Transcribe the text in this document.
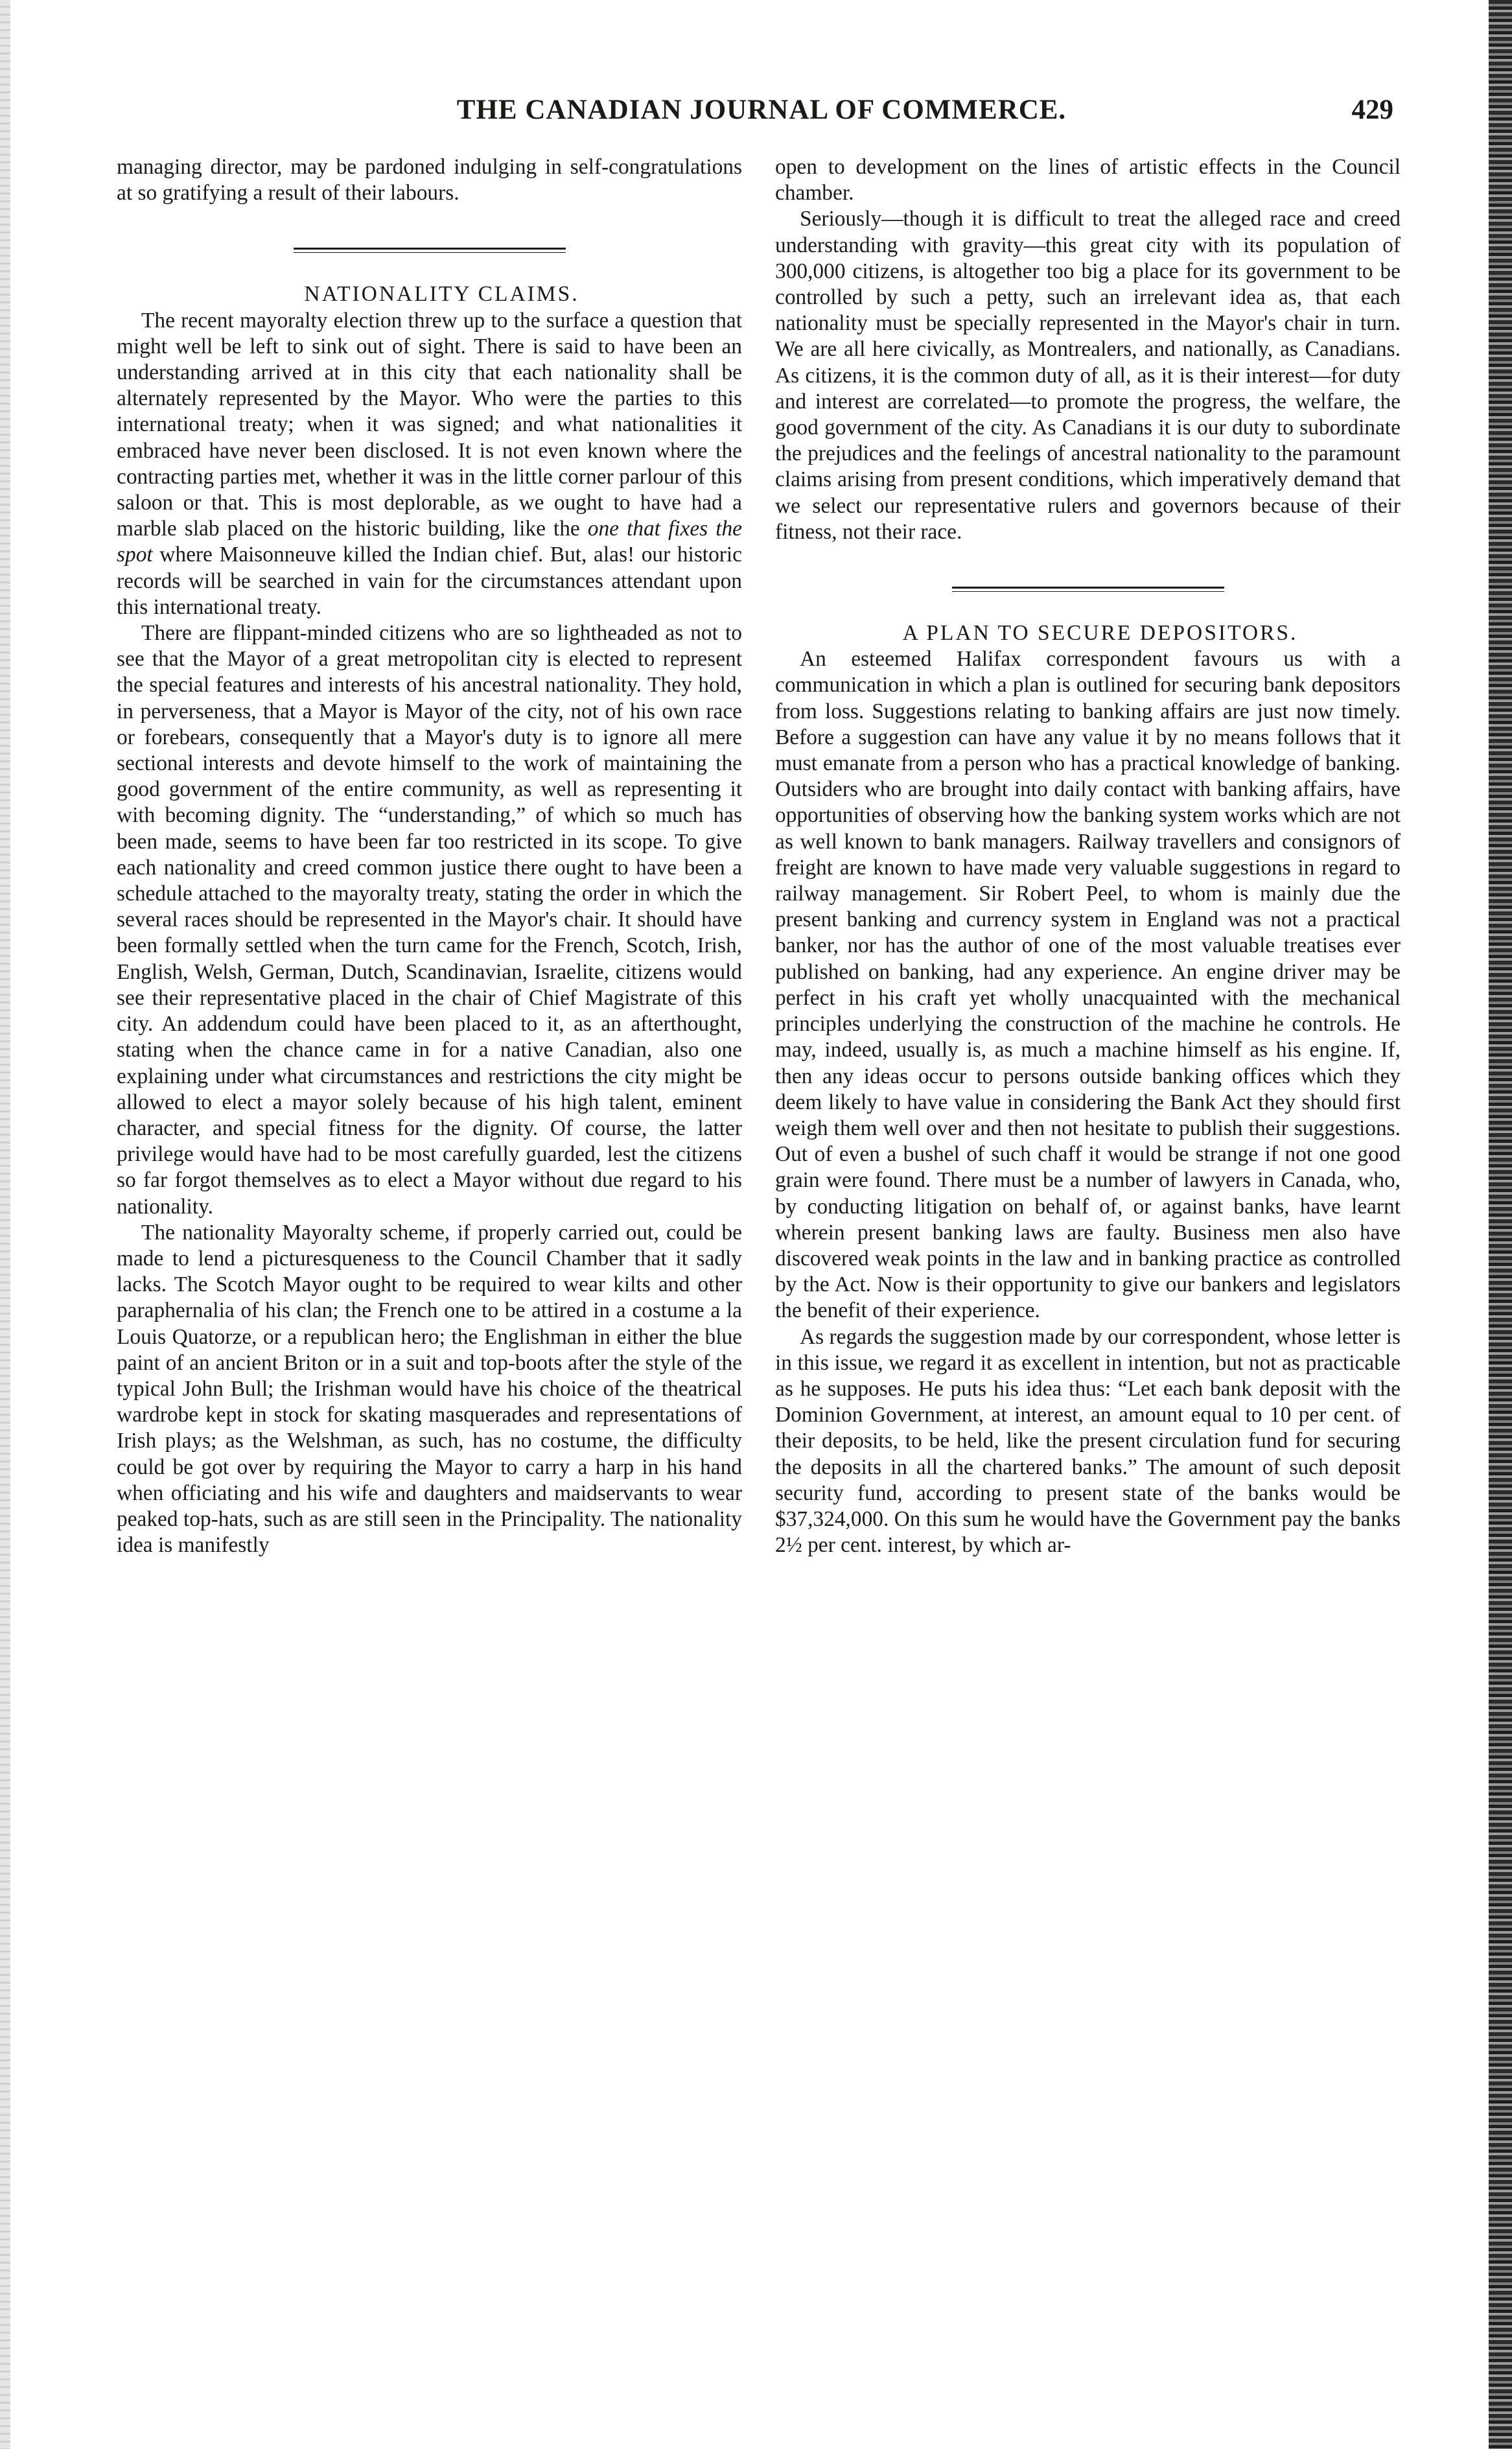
THE CANADIAN JOURNAL OF COMMERCE.	429

managing director, may be pardoned indulging in self-congratulations at so gratifying a result of their labours.

NATIONALITY CLAIMS.

The recent mayoralty election threw up to the surface a question that might well be left to sink out of sight. There is said to have been an understanding arrived at in this city that each nationality shall be alternately represented by the Mayor. Who were the parties to this international treaty; when it was signed; and what nationalities it embraced have never been disclosed. It is not even known where the contracting parties met, whether it was in the little corner parlour of this saloon or that. This is most deplorable, as we ought to have had a marble slab placed on the historic building, like the one that fixes the spot where Maisonneuve killed the Indian chief. But, alas! our historic records will be searched in vain for the circumstances attendant upon this international treaty.

There are flippant-minded citizens who are so lightheaded as not to see that the Mayor of a great metropolitan city is elected to represent the special features and interests of his ancestral nationality. They hold, in perverseness, that a Mayor is Mayor of the city, not of his own race or forebears, consequently that a Mayor's duty is to ignore all mere sectional interests and devote himself to the work of maintaining the good government of the entire community, as well as representing it with becoming dignity. The “understanding,” of which so much has been made, seems to have been far too restricted in its scope. To give each nationality and creed common justice there ought to have been a schedule attached to the mayoralty treaty, stating the order in which the several races should be represented in the Mayor's chair. It should have been formally settled when the turn came for the French, Scotch, Irish, English, Welsh, German, Dutch, Scandinavian, Israelite, citizens would see their representative placed in the chair of Chief Magistrate of this city. An addendum could have been placed to it, as an afterthought, stating when the chance came in for a native Canadian, also one explaining under what circumstances and restrictions the city might be allowed to elect a mayor solely because of his high talent, eminent character, and special fitness for the dignity. Of course, the latter privilege would have had to be most carefully guarded, lest the citizens so far forgot themselves as to elect a Mayor without due regard to his nationality.

The nationality Mayoralty scheme, if properly carried out, could be made to lend a picturesqueness to the Council Chamber that it sadly lacks. The Scotch Mayor ought to be required to wear kilts and other paraphernalia of his clan; the French one to be attired in a costume a la Louis Quatorze, or a republican hero; the Englishman in either the blue paint of an ancient Briton or in a suit and top-boots after the style of the typical John Bull; the Irishman would have his choice of the theatrical wardrobe kept in stock for skating masquerades and representations of Irish plays; as the Welshman, as such, has no costume, the difficulty could be got over by requiring the Mayor to carry a harp in his hand when officiating and his wife and daughters and maidservants to wear peaked top-hats, such as are still seen in the Principality. The nationality idea is manifestly

open to development on the lines of artistic effects in the Council chamber.

Seriously—though it is difficult to treat the alleged race and creed understanding with gravity—this great city with its population of 300,000 citizens, is altogether too big a place for its government to be controlled by such a petty, such an irrelevant idea as, that each nationality must be specially represented in the Mayor's chair in turn. We are all here civically, as Montrealers, and nationally, as Canadians. As citizens, it is the common duty of all, as it is their interest—for duty and interest are correlated—to promote the progress, the welfare, the good government of the city. As Canadians it is our duty to subordinate the prejudices and the feelings of ancestral nationality to the paramount claims arising from present conditions, which imperatively demand that we select our representative rulers and governors because of their fitness, not their race.

A PLAN TO SECURE DEPOSITORS.

An esteemed Halifax correspondent favours us with a communication in which a plan is outlined for securing bank depositors from loss. Suggestions relating to banking affairs are just now timely. Before a suggestion can have any value it by no means follows that it must emanate from a person who has a practical knowledge of banking. Outsiders who are brought into daily contact with banking affairs, have opportunities of observing how the banking system works which are not as well known to bank managers. Railway travellers and consignors of freight are known to have made very valuable suggestions in regard to railway management. Sir Robert Peel, to whom is mainly due the present banking and currency system in England was not a practical banker, nor has the author of one of the most valuable treatises ever published on banking, had any experience. An engine driver may be perfect in his craft yet wholly unacquainted with the mechanical principles underlying the construction of the machine he controls. He may, indeed, usually is, as much a machine himself as his engine. If, then any ideas occur to persons outside banking offices which they deem likely to have value in considering the Bank Act they should first weigh them well over and then not hesitate to publish their suggestions. Out of even a bushel of such chaff it would be strange if not one good grain were found. There must be a number of lawyers in Canada, who, by conducting litigation on behalf of, or against banks, have learnt wherein present banking laws are faulty. Business men also have discovered weak points in the law and in banking practice as controlled by the Act. Now is their opportunity to give our bankers and legislators the benefit of their experience.

As regards the suggestion made by our correspondent, whose letter is in this issue, we regard it as excellent in intention, but not as practicable as he supposes. He puts his idea thus: “Let each bank deposit with the Dominion Government, at interest, an amount equal to 10 per cent. of their deposits, to be held, like the present circulation fund for securing the deposits in all the chartered banks.” The amount of such deposit security fund, according to present state of the banks would be $37,324,000. On this sum he would have the Government pay the banks 2½ per cent. interest, by which ar-
